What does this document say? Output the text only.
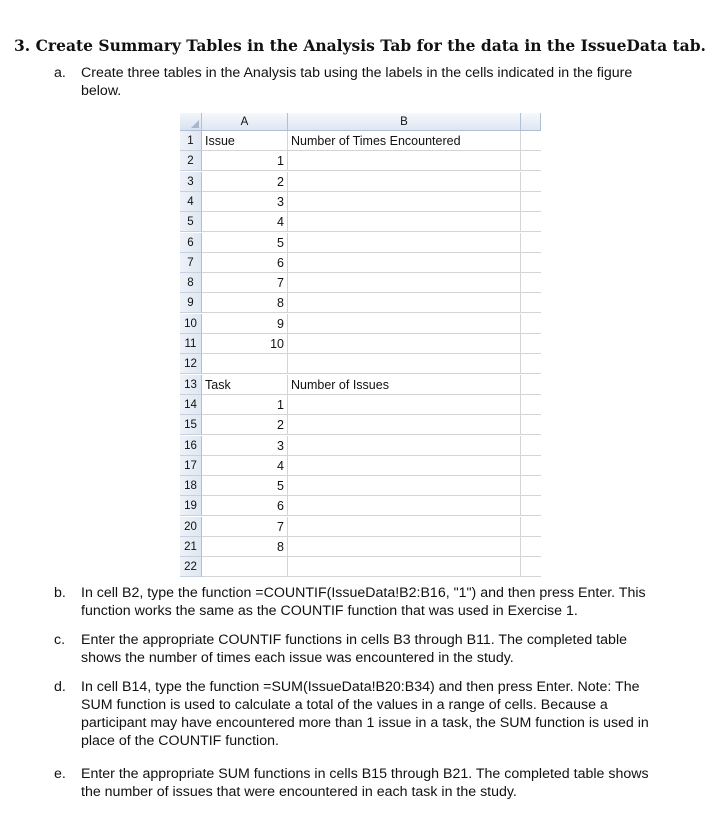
3. Create Summary Tables in the Analysis Tab for the data in the IssueData tab.
a. Create three tables in the Analysis tab using the labels in the cells indicated in the figure below.
A	B
1 Issue	Number of Times Encountered
2	1
3	2
4	3
5	4
6	5
7	6
8	7
9	8
10	9
11	10
12
13 Task	Number of Issues
14	1
15	2
16	3
17	4
18	5
19	6
20	7
21	8
22
b. In cell B2, type the function =COUNTIF(IssueData!B2:B16, "1") and then press Enter. This function works the same as the COUNTIF function that was used in Exercise 1.
c. Enter the appropriate COUNTIF functions in cells B3 through B11. The completed table shows the number of times each issue was encountered in the study.
d. In cell B14, type the function =SUM(IssueData!B20:B34) and then press Enter. Note: The SUM function is used to calculate a total of the values in a range of cells. Because a participant may have encountered more than 1 issue in a task, the SUM function is used in place of the COUNTIF function.
e. Enter the appropriate SUM functions in cells B15 through B21. The completed table shows the number of issues that were encountered in each task in the study.
